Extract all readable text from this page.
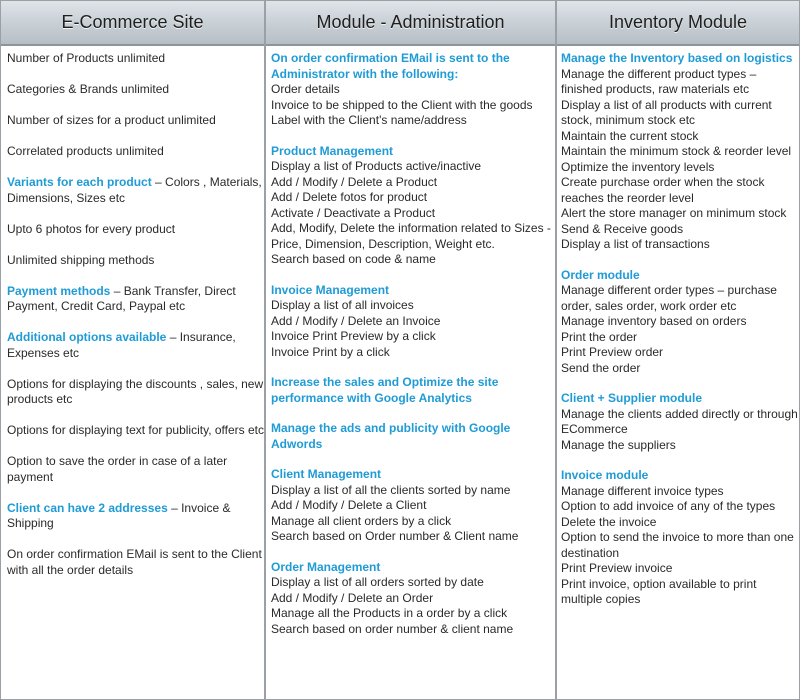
E-Commerce Site
Number of Products unlimited
Categories & Brands unlimited
Number of sizes for a product unlimited
Correlated products unlimited
Variants for each product – Colors , Materials, Dimensions, Sizes etc
Upto 6 photos for every product
Unlimited shipping methods
Payment methods – Bank Transfer, Direct Payment, Credit Card, Paypal etc
Additional options available – Insurance, Expenses etc
Options for displaying the discounts , sales, new products etc
Options for displaying text for publicity, offers etc
Option to save the order in case of a later payment
Client can have 2 addresses – Invoice & Shipping
On order confirmation EMail is sent to the Client with all the order details
Module - Administration
On order confirmation EMail is sent to the Administrator with the following:
Order details
Invoice to be shipped to the Client with the goods
Label with the Client's name/address
Product Management
Display a list of Products active/inactive
Add / Modify / Delete a Product
Add / Delete fotos for product
Activate / Deactivate a Product
Add, Modify, Delete the information related to Sizes - Price, Dimension, Description, Weight etc.
Search based on code & name
Invoice Management
Display a list of all invoices
Add / Modify / Delete an Invoice
Invoice Print Preview by a click
Invoice Print by a click
Increase the sales and Optimize the site performance with Google Analytics
Manage the ads and publicity with Google Adwords
Client Management
Display a list of all the clients sorted by name
Add / Modify / Delete a Client
Manage all client orders by a click
Search based on Order number & Client name
Order Management
Display a list of all orders sorted by date
Add / Modify / Delete an Order
Manage all the Products in a order by a click
Search based on order number & client name
Inventory Module
Manage the Inventory based on logistics
Manage the different product types – finished products, raw materials etc
Display a list of all products with current stock, minimum stock etc
Maintain the current stock
Maintain the minimum stock & reorder level
Optimize the inventory levels
Create purchase order when the stock reaches the reorder level
Alert the store manager on minimum stock
Send & Receive goods
Display a list of transactions
Order module
Manage different order types – purchase order, sales order, work order etc
Manage inventory based on orders
Print the order
Print Preview order
Send the order
Client + Supplier module
Manage the clients added directly or through ECommerce
Manage the suppliers
Invoice module
Manage different invoice types
Option to add invoice of any of the types
Delete the invoice
Option to send the invoice to more than one destination
Print Preview invoice
Print invoice, option available to print multiple copies
